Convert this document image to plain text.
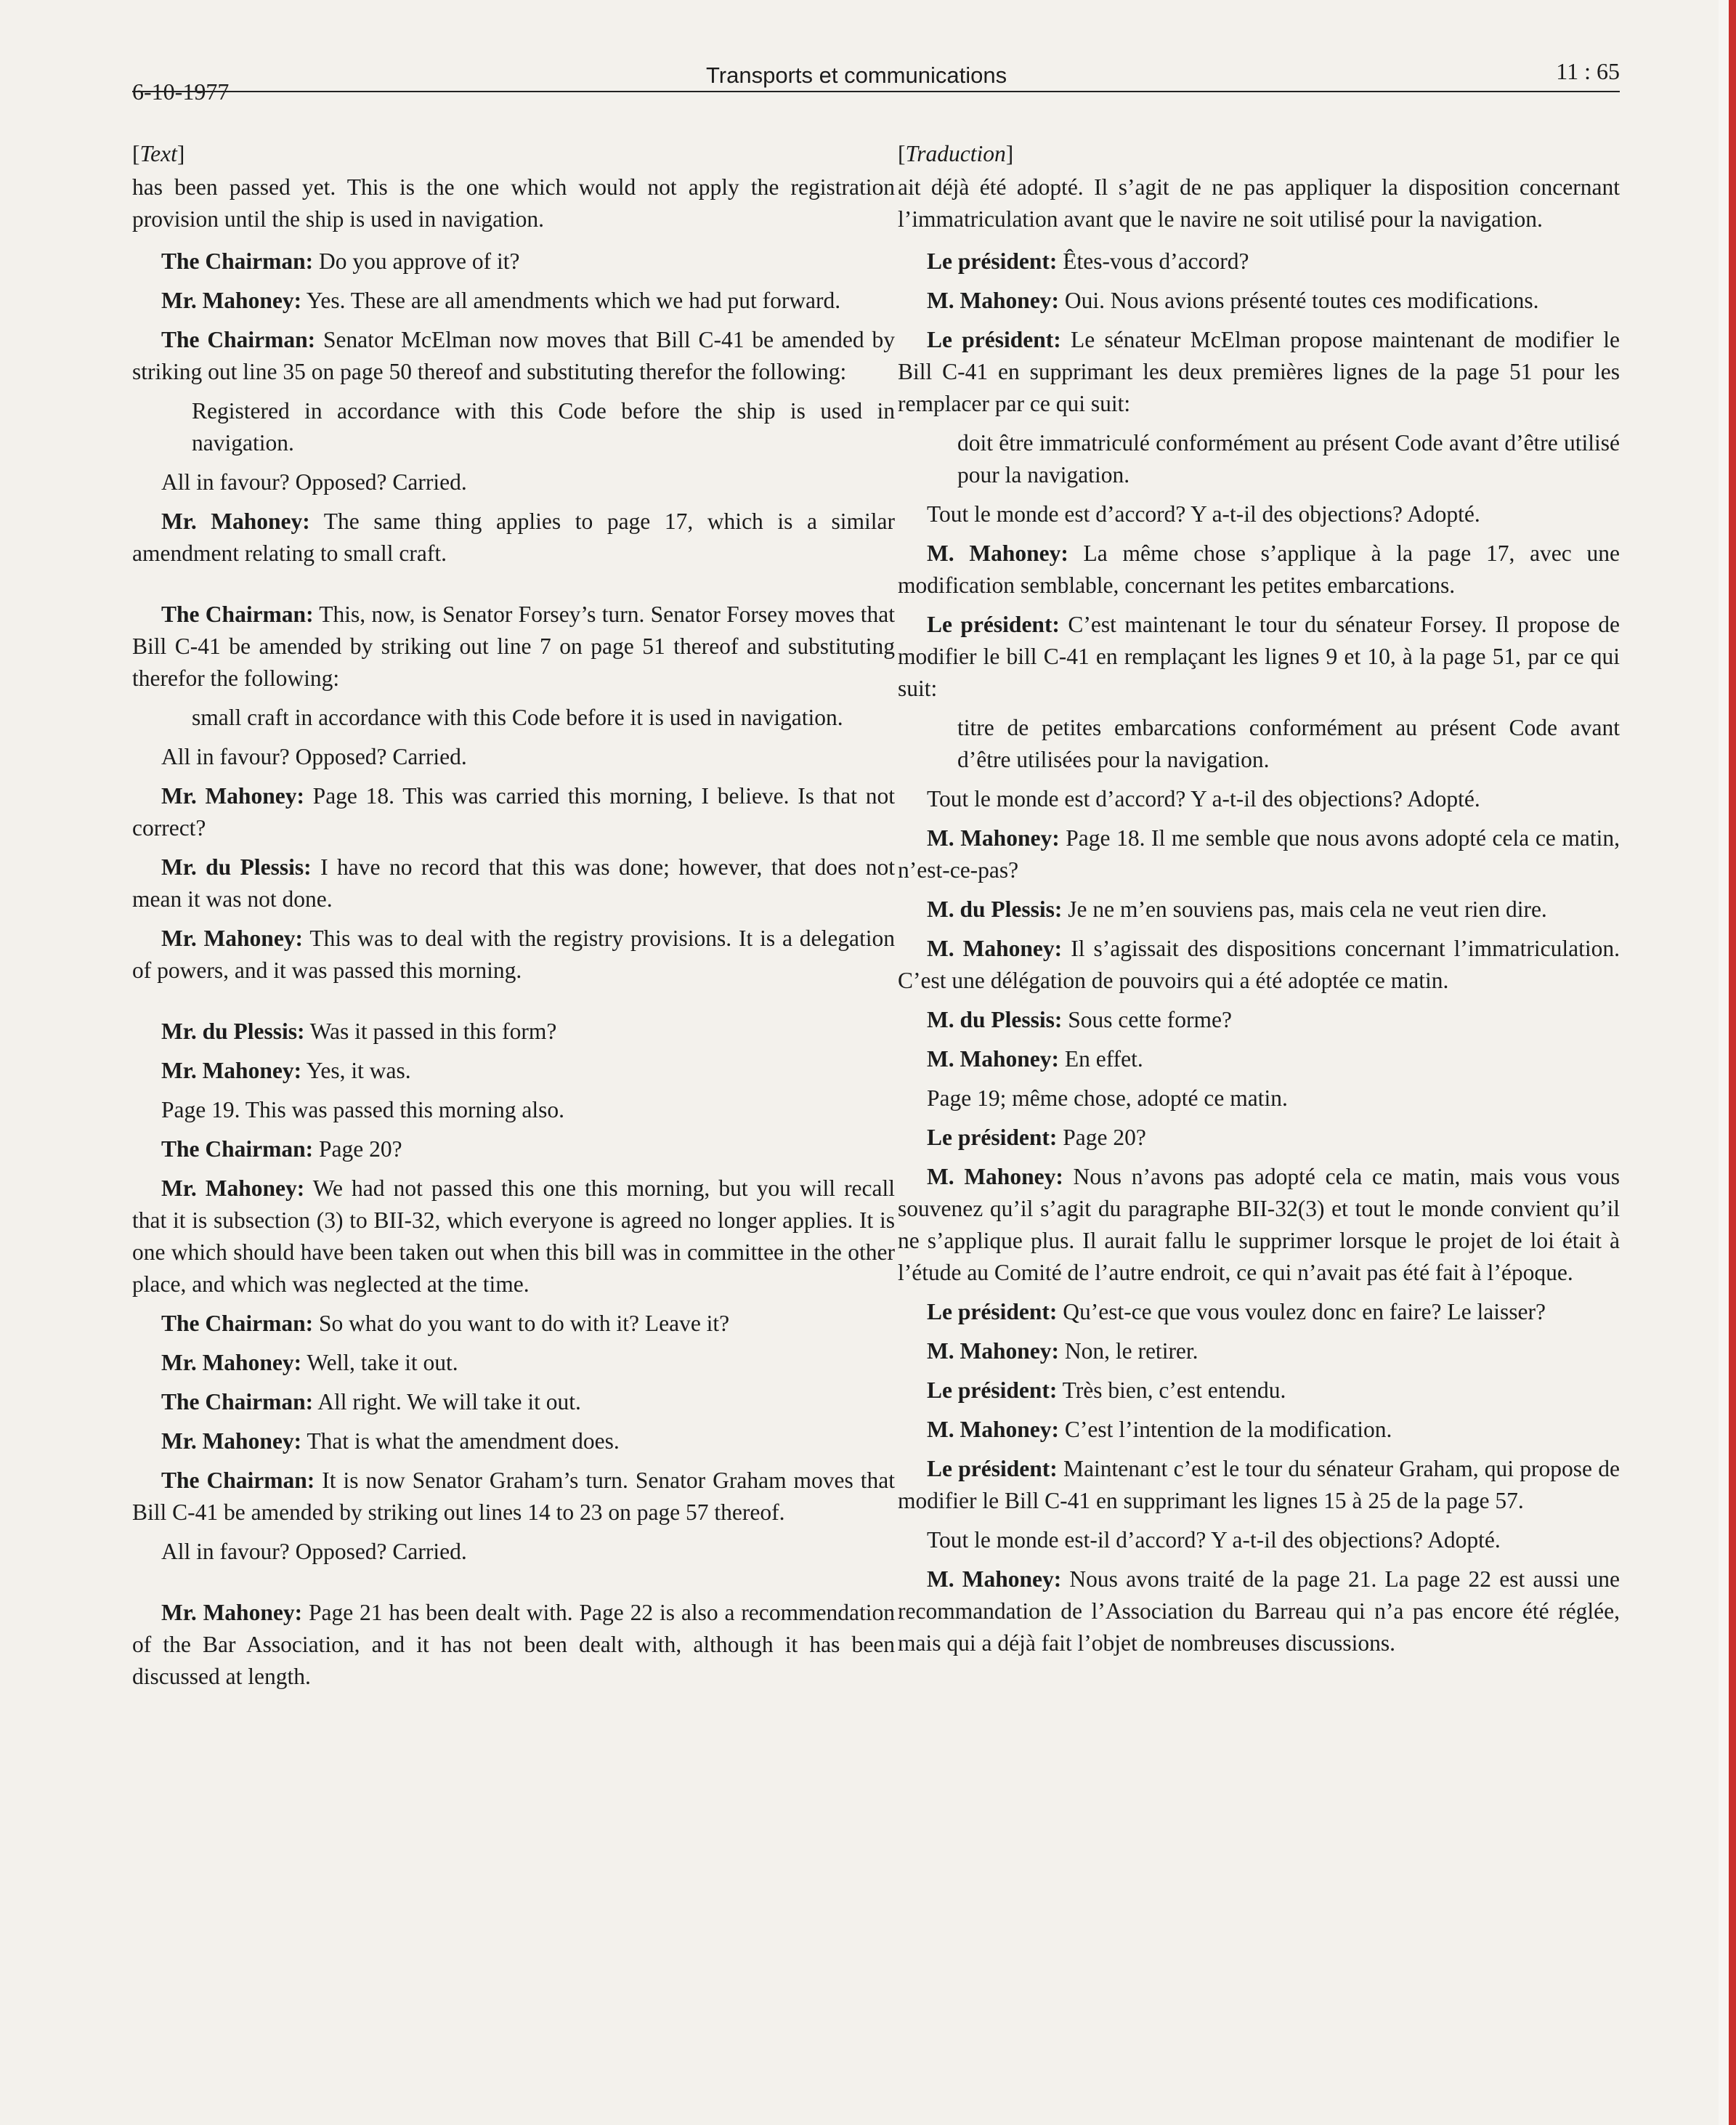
6-10-1977
Transports et communications	11 : 65
[Text]

has been passed yet. This is the one which would not apply the registration provision until the ship is used in navigation.

The Chairman: Do you approve of it?

Mr. Mahoney: Yes. These are all amendments which we had put forward.

The Chairman: Senator McElman now moves that Bill C-41 be amended by striking out line 35 on page 50 thereof and substituting therefor the following:

Registered in accordance with this Code before the ship is used in navigation.

All in favour? Opposed? Carried.

Mr. Mahoney: The same thing applies to page 17, which is a similar amendment relating to small craft.

The Chairman: This, now, is Senator Forsey’s turn. Senator Forsey moves that Bill C-41 be amended by striking out line 7 on page 51 thereof and substituting therefor the following:

small craft in accordance with this Code before it is used in navigation.

All in favour? Opposed? Carried.

Mr. Mahoney: Page 18. This was carried this morning, I believe. Is that not correct?

Mr. du Plessis: I have no record that this was done; however, that does not mean it was not done.

Mr. Mahoney: This was to deal with the registry provisions. It is a delegation of powers, and it was passed this morning.

Mr. du Plessis: Was it passed in this form?

Mr. Mahoney: Yes, it was.

Page 19. This was passed this morning also.

The Chairman: Page 20?

Mr. Mahoney: We had not passed this one this morning, but you will recall that it is subsection (3) to BII-32, which everyone is agreed no longer applies. It is one which should have been taken out when this bill was in committee in the other place, and which was neglected at the time.

The Chairman: So what do you want to do with it? Leave it?

Mr. Mahoney: Well, take it out.

The Chairman: All right. We will take it out.

Mr. Mahoney: That is what the amendment does.

The Chairman: It is now Senator Graham’s turn. Senator Graham moves that Bill C-41 be amended by striking out lines 14 to 23 on page 57 thereof.

All in favour? Opposed? Carried.

Mr. Mahoney: Page 21 has been dealt with. Page 22 is also a recommendation of the Bar Association, and it has not been dealt with, although it has been discussed at length.

[Traduction]

ait déjà été adopté. Il s’agit de ne pas appliquer la disposition concernant l’immatriculation avant que le navire ne soit utilisé pour la navigation.

Le président: Êtes-vous d’accord?

M. Mahoney: Oui. Nous avions présenté toutes ces modifications.

Le président: Le sénateur McElman propose maintenant de modifier le Bill C-41 en supprimant les deux premières lignes de la page 51 pour les remplacer par ce qui suit:

doit être immatriculé conformément au présent Code avant d’être utilisé pour la navigation.

Tout le monde est d’accord? Y a-t-il des objections? Adopté.

M. Mahoney: La même chose s’applique à la page 17, avec une modification semblable, concernant les petites embarcations.

Le président: C’est maintenant le tour du sénateur Forsey. Il propose de modifier le bill C-41 en remplaçant les lignes 9 et 10, à la page 51, par ce qui suit:

titre de petites embarcations conformément au présent Code avant d’être utilisées pour la navigation.

Tout le monde est d’accord? Y a-t-il des objections? Adopté.

M. Mahoney: Page 18. Il me semble que nous avons adopté cela ce matin, n’est-ce-pas?

M. du Plessis: Je ne m’en souviens pas, mais cela ne veut rien dire.

M. Mahoney: Il s’agissait des dispositions concernant l’immatriculation. C’est une délégation de pouvoirs qui a été adoptée ce matin.

M. du Plessis: Sous cette forme?

M. Mahoney: En effet.

Page 19; même chose, adopté ce matin.

Le président: Page 20?

M. Mahoney: Nous n’avons pas adopté cela ce matin, mais vous vous souvenez qu’il s’agit du paragraphe BII-32(3) et tout le monde convient qu’il ne s’applique plus. Il aurait fallu le supprimer lorsque le projet de loi était à l’étude au Comité de l’autre endroit, ce qui n’avait pas été fait à l’époque.

Le président: Qu’est-ce que vous voulez donc en faire? Le laisser?

M. Mahoney: Non, le retirer.

Le président: Très bien, c’est entendu.

M. Mahoney: C’est l’intention de la modification.

Le président: Maintenant c’est le tour du sénateur Graham, qui propose de modifier le Bill C-41 en supprimant les lignes 15 à 25 de la page 57.

Tout le monde est-il d’accord? Y a-t-il des objections? Adopté.

M. Mahoney: Nous avons traité de la page 21. La page 22 est aussi une recommandation de l’Association du Barreau qui n’a pas encore été réglée, mais qui a déjà fait l’objet de nombreuses discussions.
